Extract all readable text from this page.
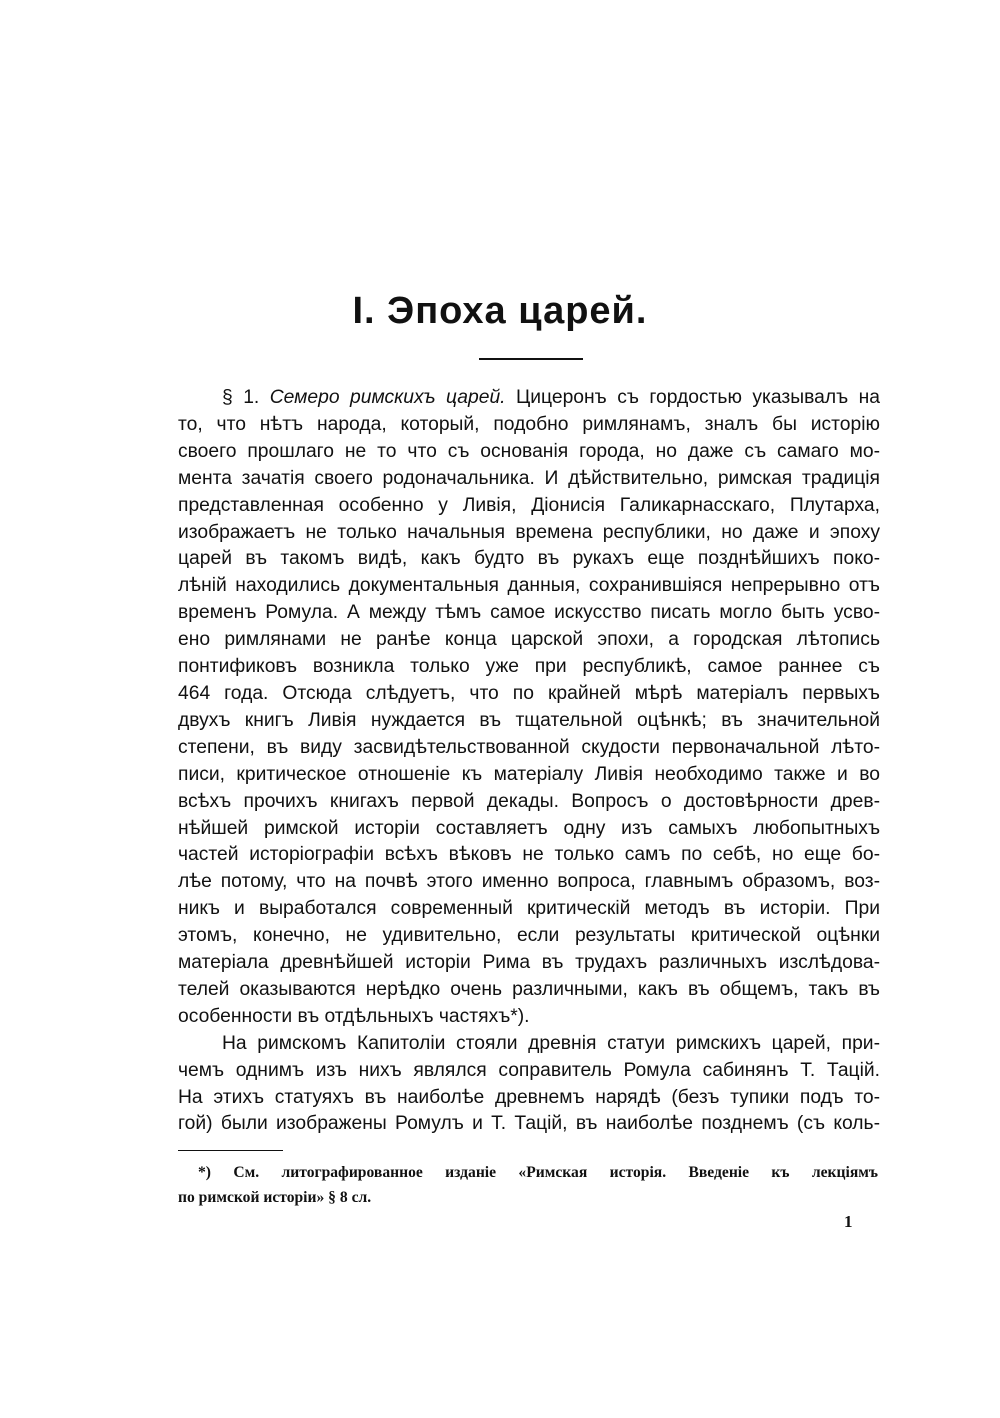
I. Эпоха царей.
§ 1. Семеро римскихъ царей. Цицеронъ съ гордостью указывалъ на
то, что нѣтъ народа, который, подобно римлянамъ, зналъ бы исторію
своего прошлаго не то что съ основанія города, но даже съ самаго мо-
мента зачатія своего родоначальника. И дѣйствительно, римская традиція
представленная особенно у Ливія, Діонисія Галикарнасскаго, Плутарха,
изображаетъ не только начальныя времена республики, но даже и эпоху
царей въ такомъ видѣ, какъ будто въ рукахъ еще позднѣйшихъ поко-
лѣній находились документальныя данныя, сохранившіяся непрерывно отъ
временъ Ромула. А между тѣмъ самое искусство писать могло быть усво-
ено римлянами не ранѣе конца царской эпохи, а городская лѣтопись
понтификовъ возникла только уже при республикѣ, самое раннее съ
464 года. Отсюда слѣдуетъ, что по крайней мѣрѣ матеріалъ первыхъ
двухъ книгъ Ливія нуждается въ тщательной оцѣнкѣ; въ значительной
степени, въ виду засвидѣтельствованной скудости первоначальной лѣто-
писи, критическое отношеніе къ матеріалу Ливія необходимо также и во
всѣхъ прочихъ книгахъ первой декады. Вопросъ о достовѣрности древ-
нѣйшей римской исторіи составляетъ одну изъ самыхъ любопытныхъ
частей исторіографіи всѣхъ вѣковъ не только самъ по себѣ, но еще бо-
лѣе потому, что на почвѣ этого именно вопроса, главнымъ образомъ, воз-
никъ и выработался современный критическій методъ въ исторіи. При
этомъ, конечно, не удивительно, если результаты критической оцѣнки
матеріала древнѣйшей исторіи Рима въ трудахъ различныхъ изслѣдова-
телей оказываются нерѣдко очень различными, какъ въ общемъ, такъ въ
особенности въ отдѣльныхъ частяхъ*).
На римскомъ Капитоліи стояли древнія статуи римскихъ царей, при-
чемъ однимъ изъ нихъ являлся соправитель Ромула сабинянъ Т. Тацій.
На этихъ статуяхъ въ наиболѣе древнемъ нарядѣ (безъ тупики подъ то-
гой) были изображены Ромулъ и Т. Тацій, въ наиболѣе позднемъ (съ коль-
*) См. литографированное изданіе «Римская исторія. Введеніе къ лекціямъ
по римской исторіи» § 8 сл.
1
